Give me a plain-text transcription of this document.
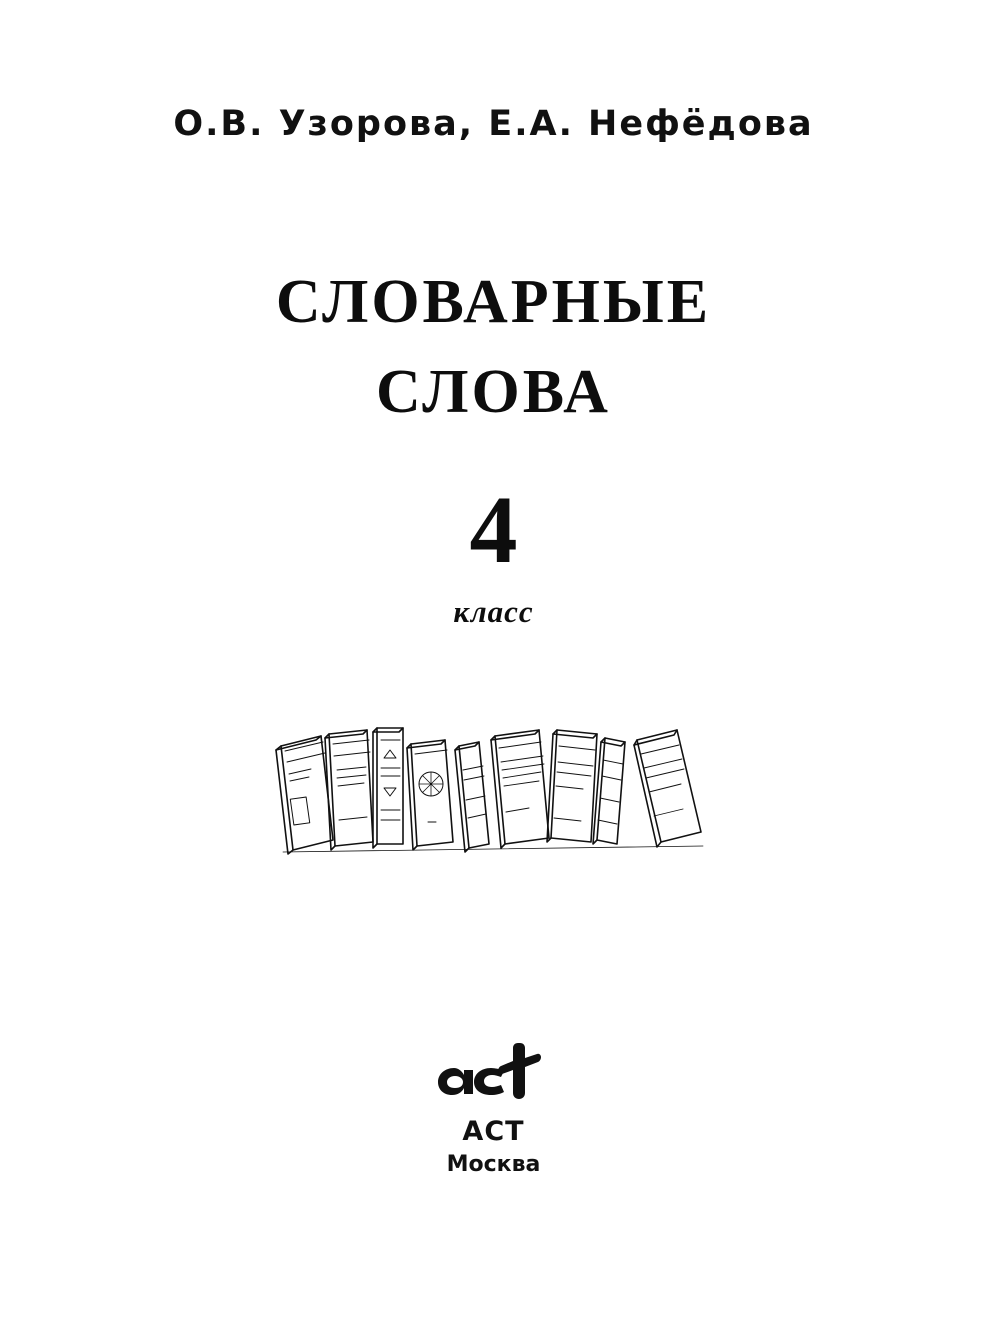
О.В. Узорова, Е.А. Нефёдова
СЛОВАРНЫЕ
СЛОВА
4
класс
ACT
Москва
